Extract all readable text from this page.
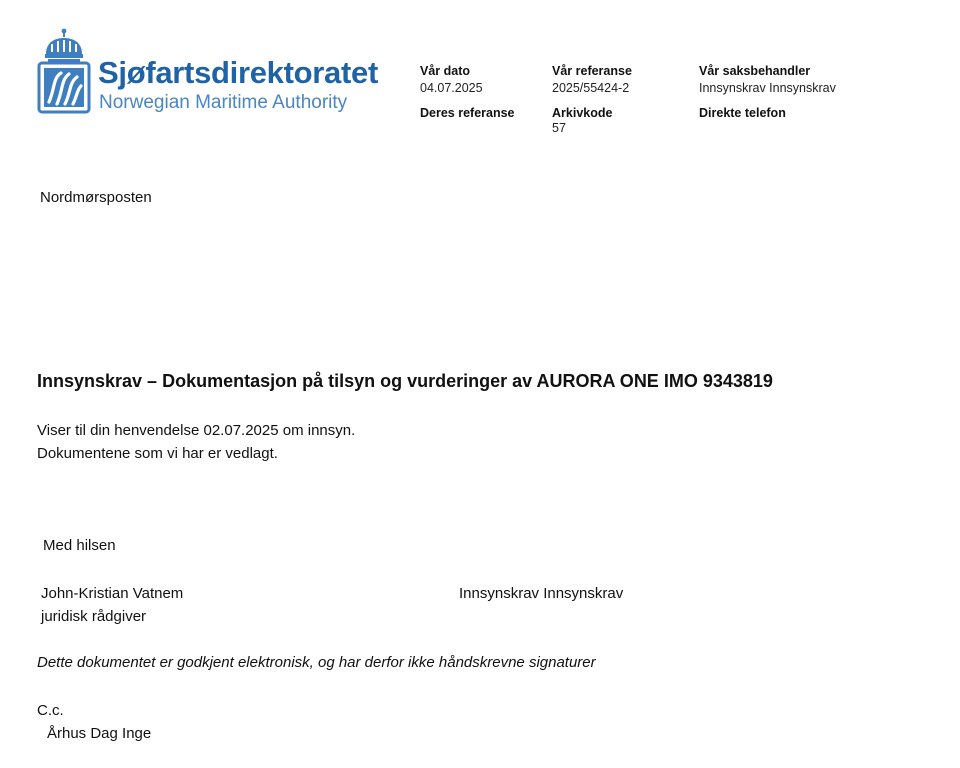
Sjøfartsdirektoratet
Norwegian Maritime Authority
Vår dato
04.07.2025
Vår referanse
2025/55424-2
Vår saksbehandler
Innsynskrav Innsynskrav
Deres referanse	Arkivkode
57
Direkte telefon
Nordmørsposten
Innsynskrav – Dokumentasjon på tilsyn og vurderinger av AURORA ONE IMO 9343819
Viser til din henvendelse 02.07.2025 om innsyn.
Dokumentene som vi har er vedlagt.
Med hilsen
John-Kristian Vatnem
juridisk rådgiver
Innsynskrav Innsynskrav
Dette dokumentet er godkjent elektronisk, og har derfor ikke håndskrevne signaturer
C.c.
Århus Dag Inge
